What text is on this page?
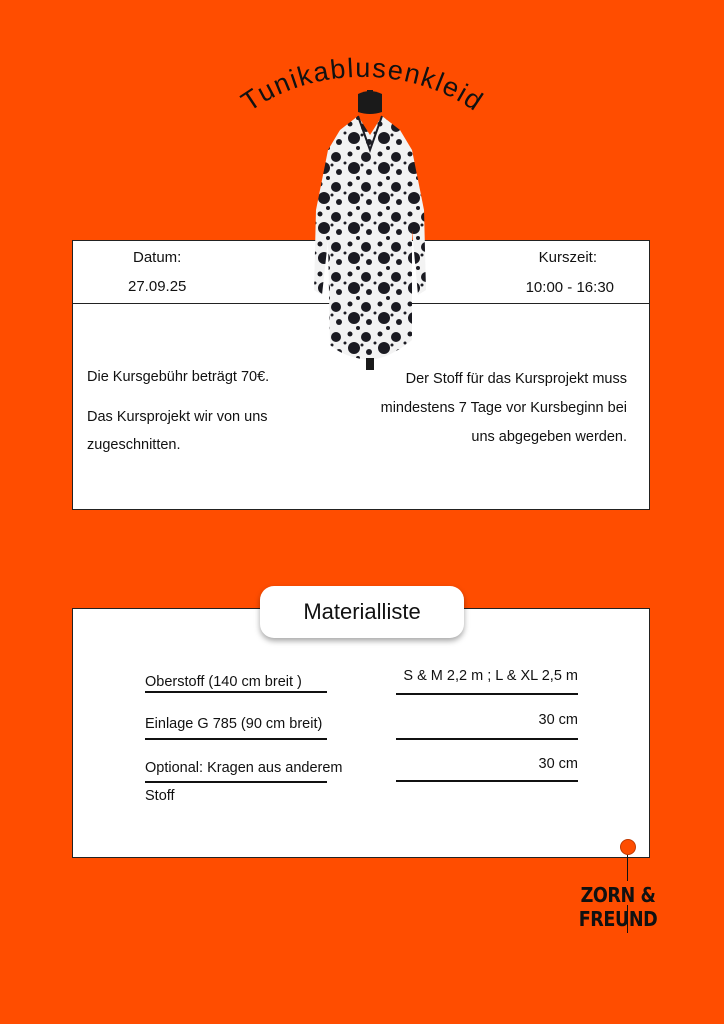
Tunikablusenkleid
Datum:
27.09.25
Kurszeit:
10:00 - 16:30
Die Kursgebühr beträgt 70€.
Das Kursprojekt wir von uns zugeschnitten.
Der Stoff für das Kursprojekt muss mindestens 7 Tage vor Kursbeginn bei uns abgegeben werden.
Materialliste
Oberstoff (140 cm breit )	S & M 2,2 m ; L & XL 2,5 m
Einlage G 785 (90 cm breit)	30 cm
Optional: Kragen aus anderem Stoff
30 cm
ZORN & FREUND
